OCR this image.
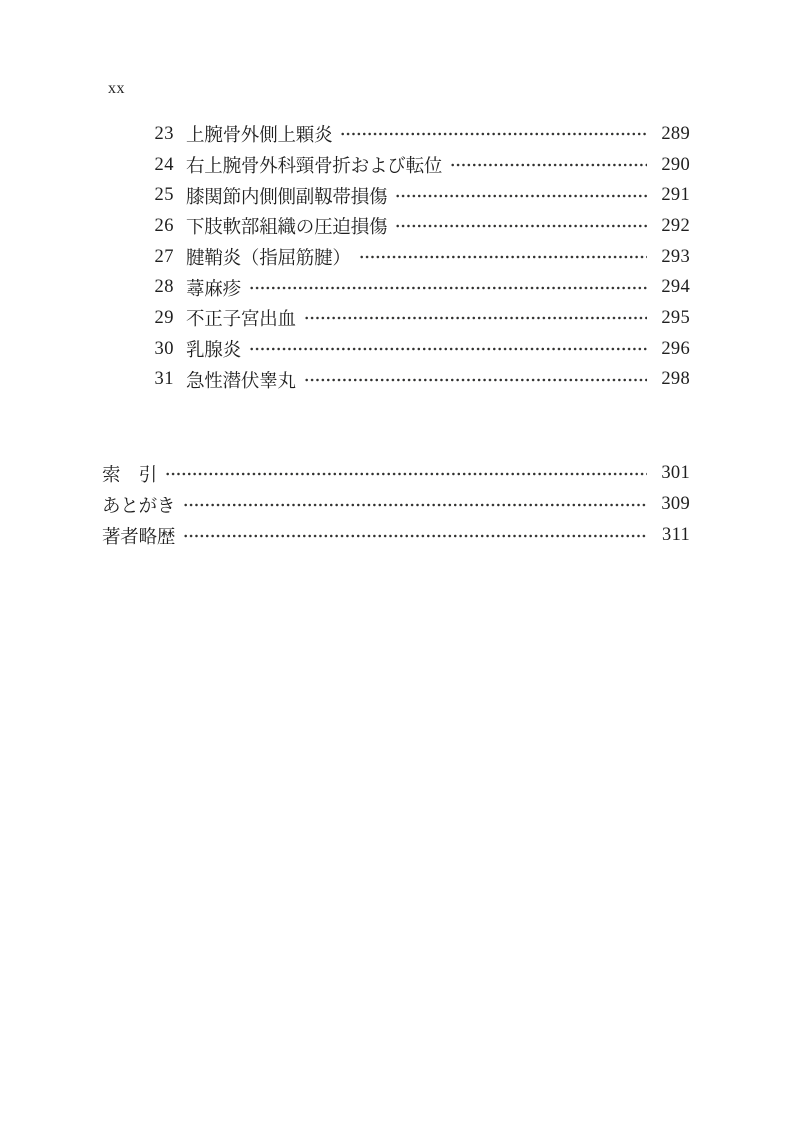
xx
23 上腕骨外側上顆炎	289
24 右上腕骨外科頸骨折および転位	290
25 膝関節内側側副靱帯損傷	291
26 下肢軟部組織の圧迫損傷	292
27 腱鞘炎（指屈筋腱）	293
28 蕁麻疹	294
29 不正子宮出血	295
30 乳腺炎	296
31 急性潜伏睾丸	298
索　引	301
あとがき	309
著者略歴	311
